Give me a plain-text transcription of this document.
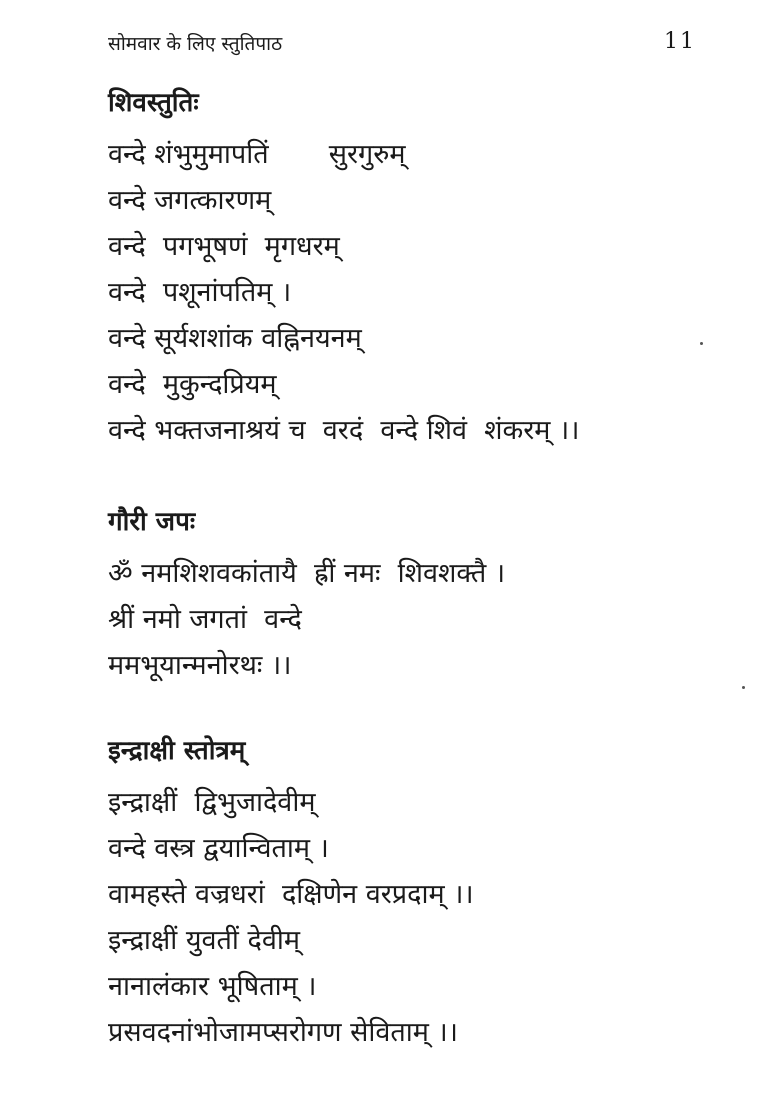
सोमवार के लिए स्तुतिपाठ	11
शिवस्तुतिः
वन्दे शंभुमुमापतिं       सुरगुरुम्
वन्दे जगत्कारणम्
वन्दे  पगभूषणं  मृगधरम्
वन्दे  पशूनांपतिम् ।
वन्दे सूर्यशशांक वह्निनयनम्
वन्दे  मुकुन्दप्रियम्
वन्दे भक्तजनाश्रयं च  वरदं  वन्दे शिवं  शंकरम् ।।
गौरी जपः
ॐ नमशिशवकांतायै  ह्रीं नमः  शिवशक्तै ।
श्रीं नमो जगतां  वन्दे
ममभूयान्मनोरथः ।।
इन्द्राक्षी स्तोत्रम्
इन्द्राक्षीं  द्विभुजादेवीम्
वन्दे वस्त्र द्वयान्विताम् ।
वामहस्ते वज्रधरां  दक्षिणेन वरप्रदाम् ।।
इन्द्राक्षीं युवतीं देवीम्
नानालंकार भूषिताम् ।
प्रसवदनांभोजामप्सरोगण सेविताम् ।।
